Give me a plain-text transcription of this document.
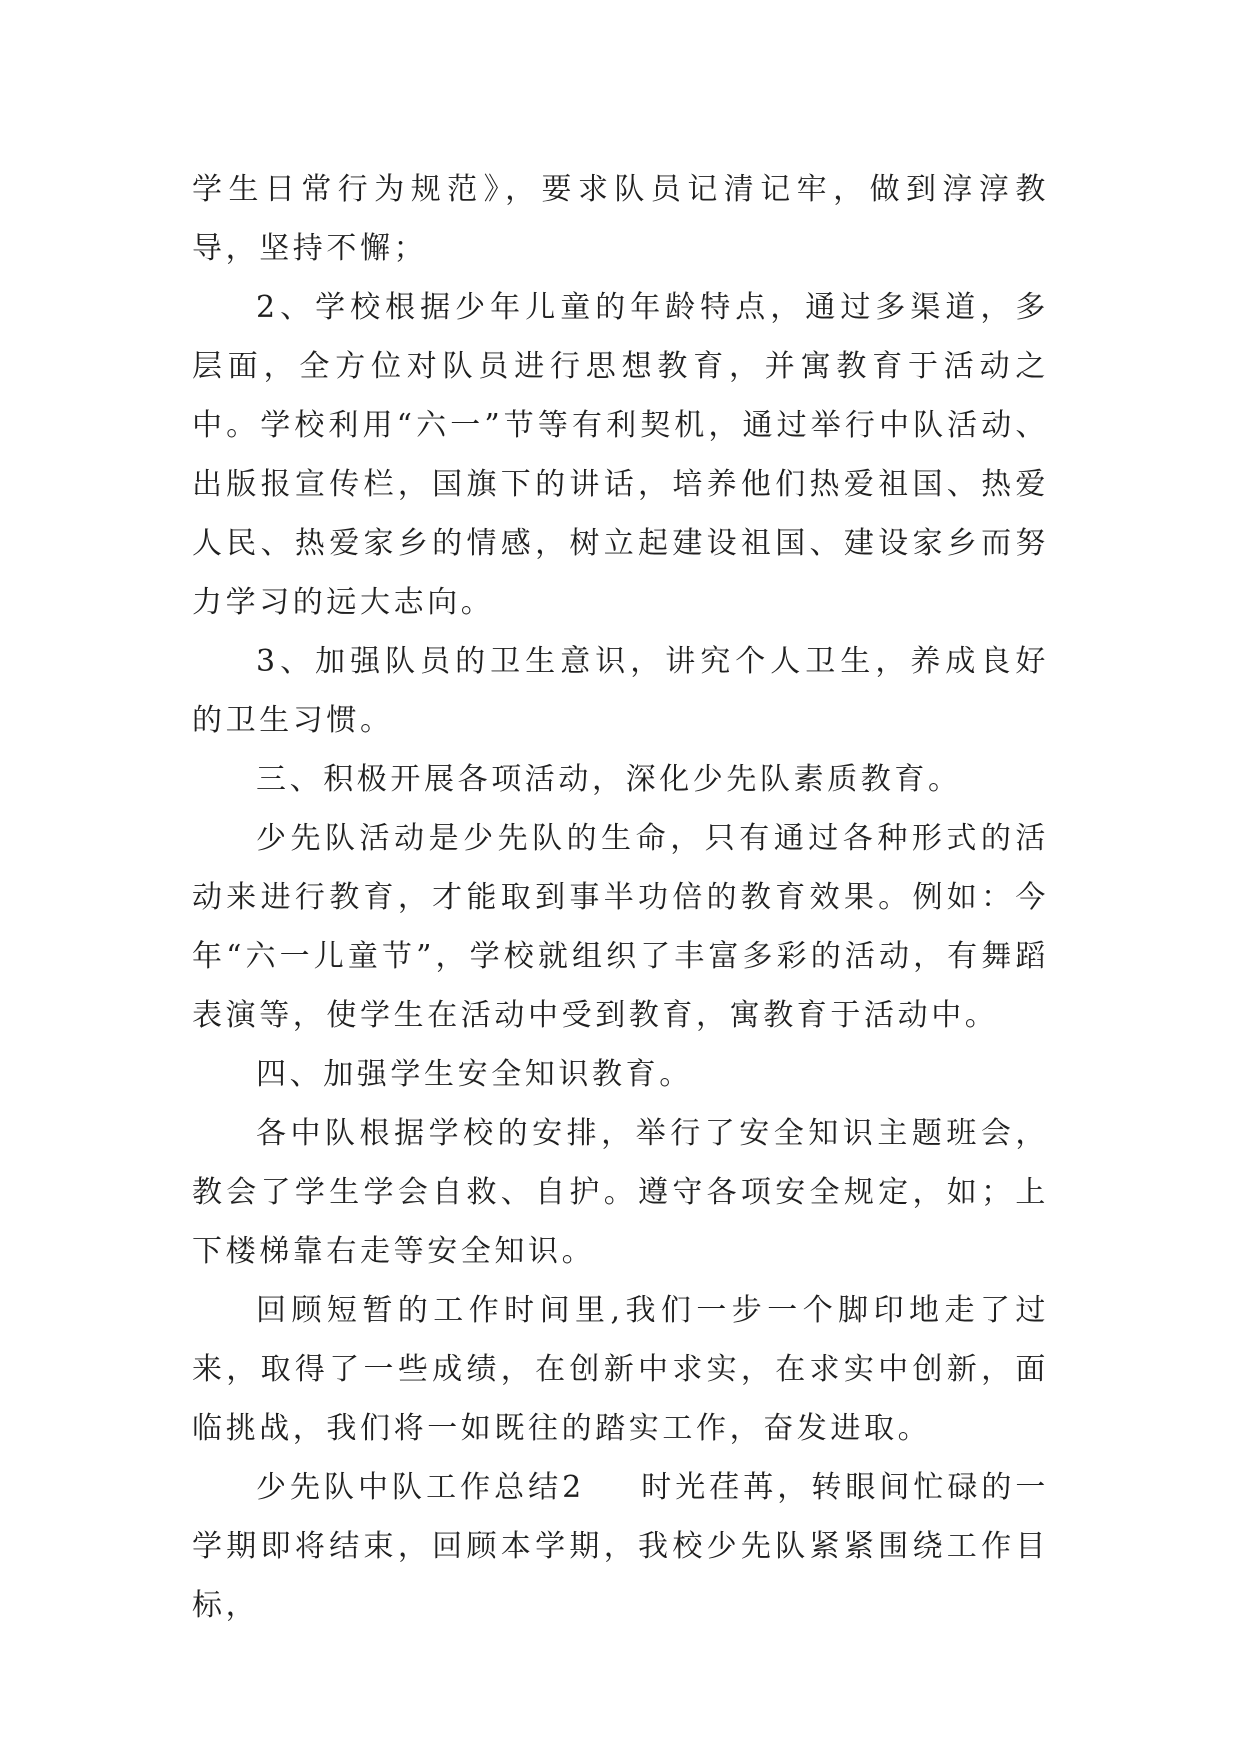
学生日常行为规范》，要求队员记清记牢，做到淳淳教导，坚持不懈；

2、学校根据少年儿童的年龄特点，通过多渠道，多层面，全方位对队员进行思想教育，并寓教育于活动之中。学校利用“六一”节等有利契机，通过举行中队活动、出版报宣传栏，国旗下的讲话，培养他们热爱祖国、热爱人民、热爱家乡的情感，树立起建设祖国、建设家乡而努力学习的远大志向。

3、加强队员的卫生意识，讲究个人卫生，养成良好的卫生习惯。

三、积极开展各项活动，深化少先队素质教育。

少先队活动是少先队的生命，只有通过各种形式的活动来进行教育，才能取到事半功倍的教育效果。例如：今年“六一儿童节”，学校就组织了丰富多彩的活动，有舞蹈表演等，使学生在活动中受到教育，寓教育于活动中。

四、加强学生安全知识教育。

各中队根据学校的安排，举行了安全知识主题班会，教会了学生学会自救、自护。遵守各项安全规定，如；上下楼梯靠右走等安全知识。

回顾短暂的工作时间里,我们一步一个脚印地走了过来，取得了一些成绩，在创新中求实，在求实中创新，面临挑战，我们将一如既往的踏实工作，奋发进取。

少先队中队工作总结2 时光荏苒，转眼间忙碌的一学期即将结束，回顾本学期，我校少先队紧紧围绕工作目标，
